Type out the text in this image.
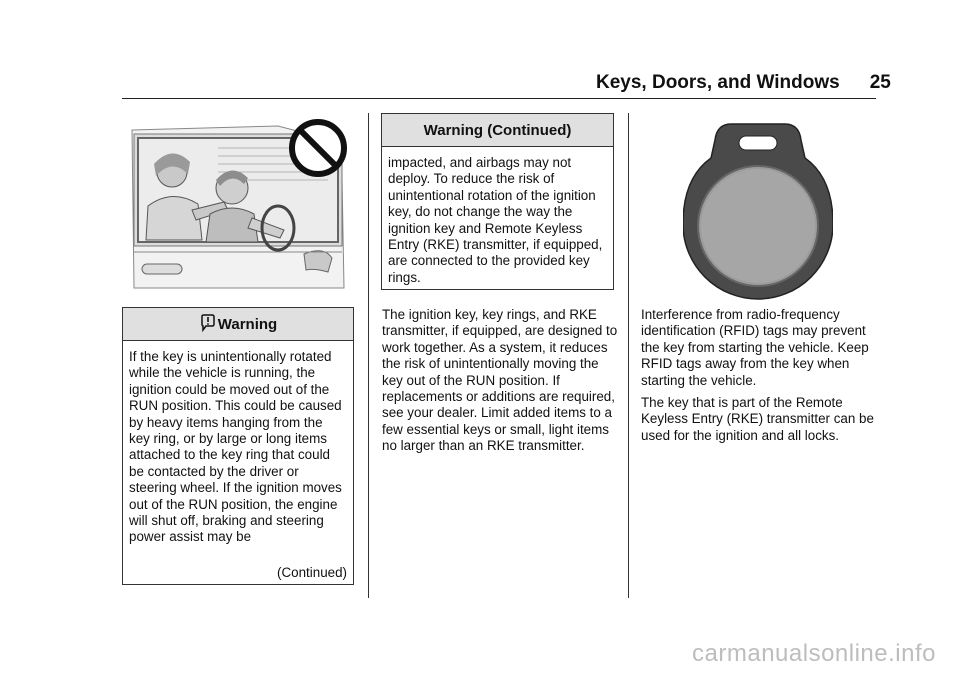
Keys, Doors, and Windows 25
Warning
If the key is unintentionally rotated while the vehicle is running, the ignition could be moved out of the RUN position. This could be caused by heavy items hanging from the key ring, or by large or long items attached to the key ring that could be contacted by the driver or steering wheel. If the ignition moves out of the RUN position, the engine will shut off, braking and steering power assist may be
(Continued)
Warning (Continued)
impacted, and airbags may not deploy. To reduce the risk of unintentional rotation of the ignition key, do not change the way the ignition key and Remote Keyless Entry (RKE) transmitter, if equipped, are connected to the provided key rings.
The ignition key, key rings, and RKE transmitter, if equipped, are designed to work together. As a system, it reduces the risk of unintentionally moving the key out of the RUN position. If replacements or additions are required, see your dealer. Limit added items to a few essential keys or small, light items no larger than an RKE transmitter.
Interference from radio-frequency identification (RFID) tags may prevent the key from starting the vehicle. Keep RFID tags away from the key when starting the vehicle.
The key that is part of the Remote Keyless Entry (RKE) transmitter can be used for the ignition and all locks.
carmanualsonline.info
